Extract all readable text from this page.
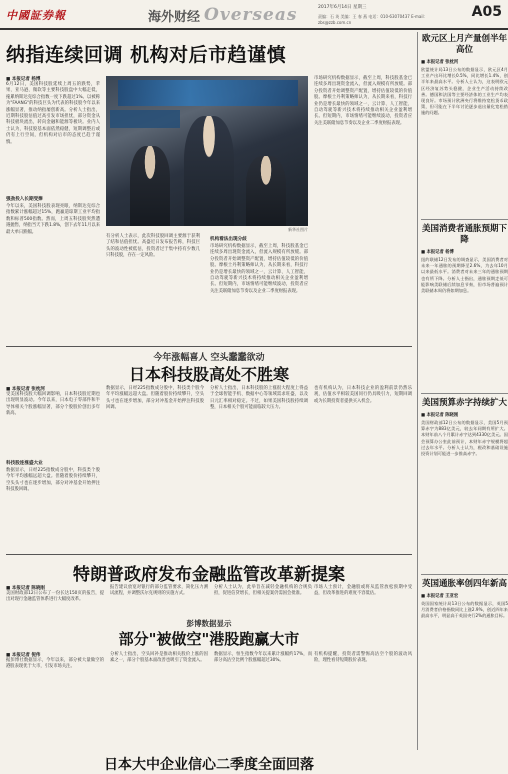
中國証券報	海外财经 Overseas	2017年6月14日 星期三
责编：石 英 美编：王 春 燕 电话：010-63070437 E-mail：zbs@zzb.com.cn
A05
纳指连续回调 机构对后市趋谨慎
■ 本报记者 杨博
6月12日，美国科技股延续上周五的跌势，苹果、亚马逊、微软等主要科技股盘中大幅走低，拖累纳斯达克综合指数一度下跌超过1%。以被称为"FAANG"的科技巨头为代表的科技股今年以来涨幅显著，推动纳指屡创新高。分析人士指出，近期科技股估值过高引发市场担忧，部分资金从科技板块流出，转向金融和能源等板块。业内人士认为，科技股基本面依然稳健，短期调整后或仍有上行空间，但机构对后市的态度已趋于谨慎。
强劲投入长期受捧
今年以来，美国科技股表现亮眼，纳斯达克综合指数累计涨幅超过15%，跑赢道琼斯工业平均指数和标普500指数。然而，上周五科技股突然遭遇抛售，纳指当天下跌1.8%，创下去年11月以来最大单日跌幅。
新华社图片
有分析人士表示，此次科技股回调主要源于获利了结和估值担忧。高盛近日发布报告称，科技巨头的波动性被低估，投资者过于集中持有少数几只科技股，存在一定风险。
机构看法出现分歧
市场研究机构数据显示，截至上周，科技股基金已连续多周出现资金流入，但流入规模有所放缓。部分投资者开始调整资产配置，增持估值较低的价值股。摩根士丹利策略师认为，从长期来看，科技行业仍是增长最快的领域之一，云计算、人工智能、自动驾驶等新兴技术将持续推动相关企业盈利增长。但短期内，市场情绪可能继续波动，投资者应关注美联储加息节奏以及企业二季度财报表现。
市场研究机构数据显示，截至上周，科技股基金已连续多周出现资金流入，但流入规模有所放缓。部分投资者开始调整资产配置，增持估值较低的价值股。摩根士丹利策略师认为，从长期来看，科技行业仍是增长最快的领域之一，云计算、人工智能、自动驾驶等新兴技术将持续推动相关企业盈利增长。但短期内，市场情绪可能继续波动，投资者应关注美联储加息节奏以及企业二季度财报表现。
今年涨幅喜人 空头蠢蠢欲动
日本科技股高处不胜寒
■ 本报记者 张枕河
受美国科技股大幅回调影响，日本科技股近期也出现明显波动。今年以来，日本电子零部件和半导体相关个股涨幅显著，部分个股股价创出多年新高。
科技股连涨盛大业
数据显示，日经225指数成分股中，科技类个股今年平均涨幅远超大盘。但随着股价持续攀升，空头头寸也在逐步增加，部分对冲基金开始押注科技股回调。
数据显示，日经225指数成分股中，科技类个股今年平均涨幅远超大盘。但随着股价持续攀升，空头头寸也在逐步增加，部分对冲基金开始押注科技股回调。
分析人士指出，日本科技股的上涨很大程度上得益于全球智能手机、数据中心等领域需求旺盛，以及日元汇率相对稳定。不过，如果美国科技股持续调整，日本相关个股可能面临较大压力。
也有机构认为，日本科技企业的盈利前景仍然乐观，估值水平相较美国同行仍具吸引力，短期回调或为长期投资者提供买入机会。
特朗普政府发布金融监管改革新提案
■ 本报记者 陈晓刚
美国财政部12日公布了一份长达150页的报告，提出对现行金融监管体系进行大幅度改革。
报告建议放宽对银行的部分监管要求，简化压力测试流程，并调整沃尔克规则的实施方式。
分析人士认为，此举旨在减轻金融机构的合规负担，促进信贷增长，但相关提案仍需国会批准。
市场人士预计，金融股或将从监管放松预期中受益，但改革推进的难度不容低估。
彭博数据显示
部分"被做空"港股跑赢大市
■ 本报记者 倪伟
据彭博社数据显示，今年以来，部分被大量做空的港股表现优于大市，引发市场关注。
分析人士指出，空头回补是推动相关股价上涨的因素之一，部分个股基本面改善也吸引了资金流入。
数据显示，恒生指数今年以来累计涨幅约17%，而部分高沽空比例个股涨幅超过30%。
有机构提醒，投资者需警惕高沽空个股的波动风险，理性看待短期股价表现。
日本大中企业信心二季度全面回落
欧元区上月产量创半年高位
■ 本报记者 张枕河
欧盟统计局13日公布的数据显示，欧元区4月工业产出环比增长0.5%，同比增长1.4%，创半年来最高水平。分析人士认为，这表明欧元区经济复苏势头稳健，企业生产活动持续改善。德国和法国等主要经济体的工业生产均表现良好。市场预计欧洲央行将维持宽松货币政策，但可能在下半年讨论逐步退出量化宽松措施的问题。
美国消费者通胀预期下降
■ 本报记者 杨博
纽约联储12日发布的调查显示，美国消费者对未来一年通胀的预期降至2.6%，为去年10月以来最低水平。消费者对未来三年的通胀预期也有所下降。分析人士指出，通胀预期走低可能影响美联储后续加息节奏，但市场普遍预计美联储本周仍将如期加息。
美国预算赤字持续扩大
■ 本报记者 陈晓刚
美国财政部12日公布的数据显示，美国5月预算赤字为883亿美元，较去年同期有所扩大。本财年前八个月累计赤字达到4330亿美元。国会预算办公室此前预计，本财年赤字规模将超过去年水平。分析人士认为，税改和基础设施投资计划可能进一步推高赤字。
英国通胀率创四年新高
■ 本报记者 王亚宏
英国国家统计局13日公布的数据显示，英国5月消费者价格指数同比上涨2.9%，创近四年来最高水平，明显高于英国央行2%的通胀目标。
